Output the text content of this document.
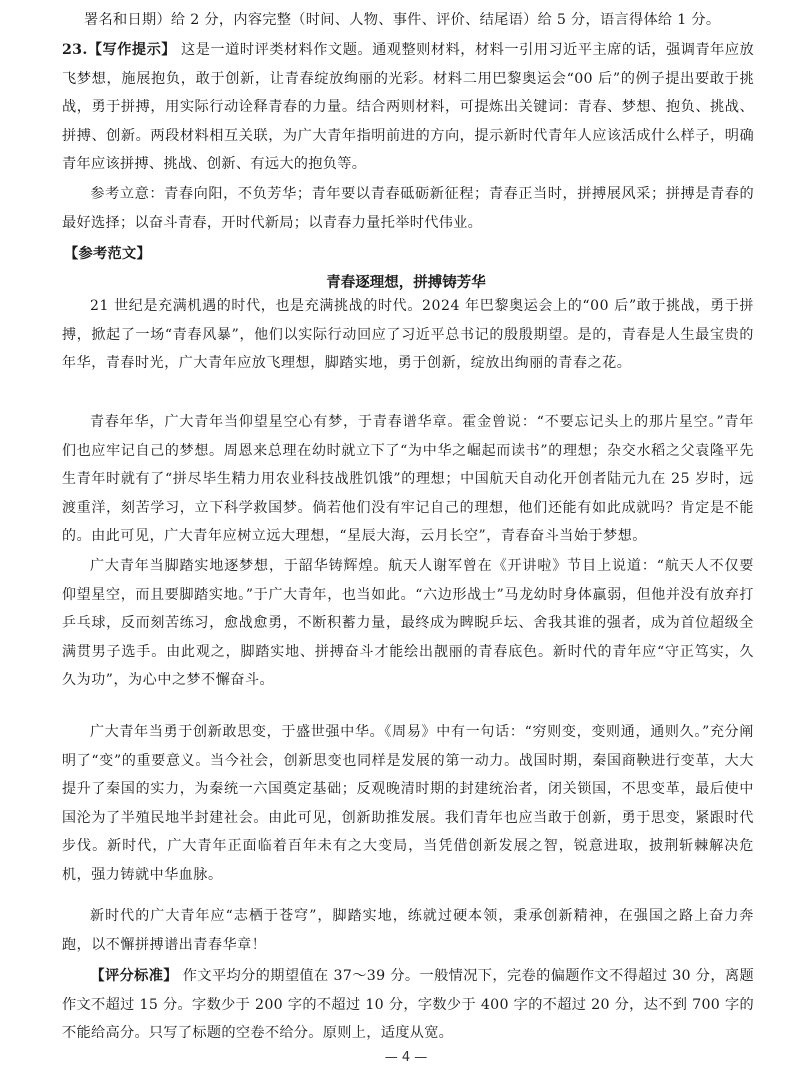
署名和日期）给 2 分，内容完整（时间、人物、事件、评价、结尾语）给 5 分，语言得体给 1 分。
23.【写作提示】 这是一道时评类材料作文题。通观整则材料，材料一引用习近平主席的话，强调青年应放飞梦想，施展抱负，敢于创新，让青春绽放绚丽的光彩。材料二用巴黎奥运会“00 后”的例子提出要敢于挑战，勇于拼搏，用实际行动诠释青春的力量。结合两则材料，可提炼出关键词：青春、梦想、抱负、挑战、拼搏、创新。两段材料相互关联，为广大青年指明前进的方向，提示新时代青年人应该活成什么样子，明确青年应该拼搏、挑战、创新、有远大的抱负等。
参考立意：青春向阳，不负芳华；青年要以青春砥砺新征程；青春正当时，拼搏展风采；拼搏是青春的最好选择；以奋斗青春，开时代新局；以青春力量托举时代伟业。
【参考范文】
青春逐理想，拼搏铸芳华
21 世纪是充满机遇的时代，也是充满挑战的时代。2024 年巴黎奥运会上的“00 后”敢于挑战，勇于拼搏，掀起了一场“青春风暴”，他们以实际行动回应了习近平总书记的殷殷期望。是的，青春是人生最宝贵的年华，青春时光，广大青年应放飞理想，脚踏实地，勇于创新，绽放出绚丽的青春之花。
青春年华，广大青年当仰望星空心有梦，于青春谱华章。霍金曾说：“不要忘记头上的那片星空。”青年们也应牢记自己的梦想。周恩来总理在幼时就立下了“为中华之崛起而读书”的理想；杂交水稻之父袁隆平先生青年时就有了“拼尽毕生精力用农业科技战胜饥饿”的理想；中国航天自动化开创者陆元九在 25 岁时，远渡重洋，刻苦学习，立下科学救国梦。倘若他们没有牢记自己的理想，他们还能有如此成就吗？肯定是不能的。由此可见，广大青年应树立远大理想，“星辰大海，云月长空”，青春奋斗当始于梦想。
广大青年当脚踏实地逐梦想，于韶华铸辉煌。航天人谢军曾在《开讲啦》节目上说道：“航天人不仅要仰望星空，而且要脚踏实地。”于广大青年，也当如此。“六边形战士”马龙幼时身体羸弱，但他并没有放弃打乒乓球，反而刻苦练习，愈战愈勇，不断积蓄力量，最终成为睥睨乒坛、舍我其谁的强者，成为首位超级全满贯男子选手。由此观之，脚踏实地、拼搏奋斗才能绘出靓丽的青春底色。新时代的青年应“守正笃实，久久为功”，为心中之梦不懈奋斗。
广大青年当勇于创新敢思变，于盛世强中华。《周易》中有一句话：“穷则变，变则通，通则久。”充分阐明了“变”的重要意义。当今社会，创新思变也同样是发展的第一动力。战国时期，秦国商鞅进行变革，大大提升了秦国的实力，为秦统一六国奠定基础；反观晚清时期的封建统治者，闭关锁国，不思变革，最后使中国沦为了半殖民地半封建社会。由此可见，创新助推发展。我们青年也应当敢于创新，勇于思变，紧跟时代步伐。新时代，广大青年正面临着百年未有之大变局，当凭借创新发展之智，锐意进取，披荆斩棘解决危机，强力铸就中华血脉。
新时代的广大青年应“志栖于苍穹”，脚踏实地，练就过硬本领，秉承创新精神，在强国之路上奋力奔跑，以不懈拼搏谱出青春华章！
【评分标准】 作文平均分的期望值在 37～39 分。一般情况下，完卷的偏题作文不得超过 30 分，离题作文不超过 15 分。字数少于 200 字的不超过 10 分，字数少于 400 字的不超过 20 分，达不到 700 字的不能给高分。只写了标题的空卷不给分。原则上，适度从宽。
— 4 —
